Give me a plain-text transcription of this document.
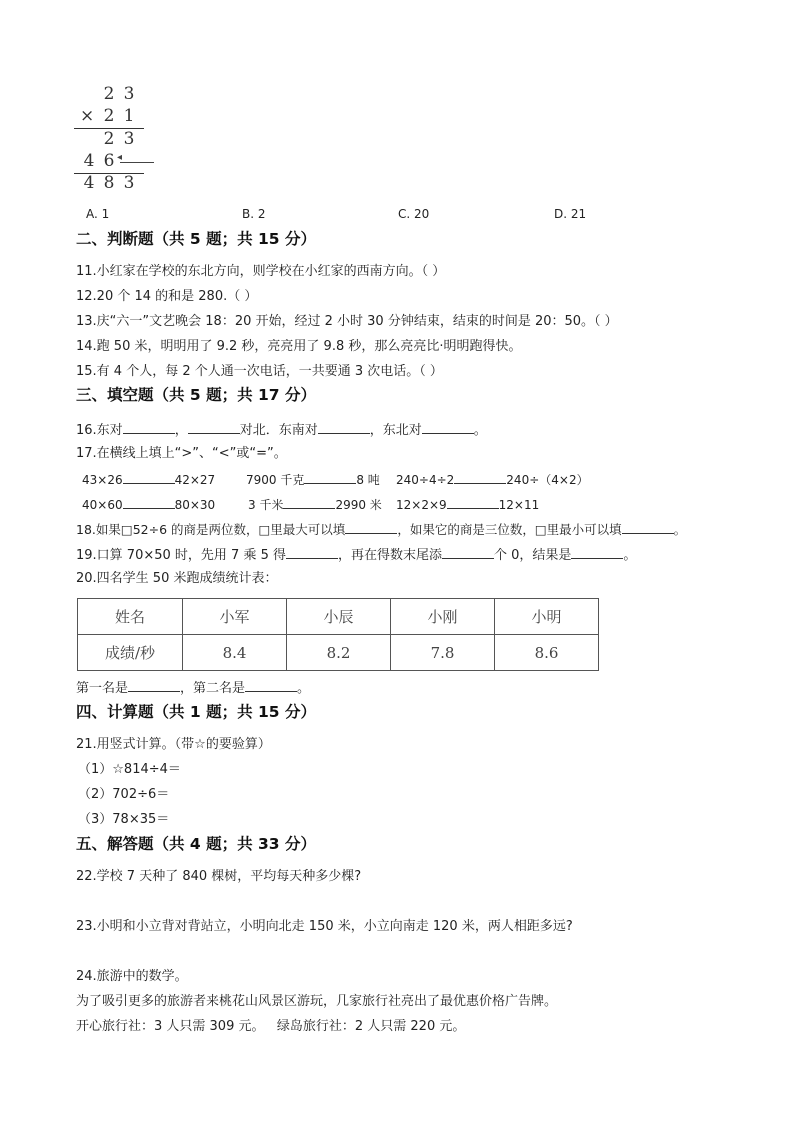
2 3
× 2 1
2 3
4 6 ◂
4 8 3
A. 1	B. 2	C. 20	D. 21
二、判断题（共 5 题；共 15 分）
11.小红家在学校的东北方向，则学校在小红家的西南方向。（ ）
12.20 个 14 的和是 280.（ ）
13.庆“六一”文艺晚会 18：20 开始，经过 2 小时 30 分钟结束，结束的时间是 20：50。（ ）
14.跑 50 米，明明用了 9.2 秒，亮亮用了 9.8 秒，那么亮亮比·明明跑得快。
15.有 4 个人，每 2 个人通一次电话，一共要通 3 次电话。（ ）
三、填空题（共 5 题；共 17 分）
16.东对	，	对北．东南对	，东北对	。
17.在横线上填上“>”、“<”或“=”。
43×26	42×27	7900 千克	8 吨 240÷4÷2	240÷（4×2）
40×60	80×30	3 千米	2990 米 12×2×9	12×11
18.如果□52÷6 的商是两位数，□里最大可以填	，如果它的商是三位数，□里最小可以填	。
19.口算 70×50 时，先用 7 乘 5 得	，再在得数末尾添	个 0，结果是	。
20.四名学生 50 米跑成绩统计表：
姓名	小军	小辰	小刚	小明
成绩/秒	8.4	8.2	7.8	8.6
第一名是	，第二名是	。
四、计算题（共 1 题；共 15 分）
21.用竖式计算。（带☆的要验算）
（1）☆814÷4＝
（2）702÷6＝
（3）78×35＝
五、解答题（共 4 题；共 33 分）
22.学校 7 天种了 840 棵树，平均每天种多少棵?
23.小明和小立背对背站立，小明向北走 150 米，小立向南走 120 米，两人相距多远?
24.旅游中的数学。
为了吸引更多的旅游者来桃花山风景区游玩，几家旅行社亮出了最优惠价格广告牌。
开心旅行社：3 人只需 309 元。   绿岛旅行社：2 人只需 220 元。
